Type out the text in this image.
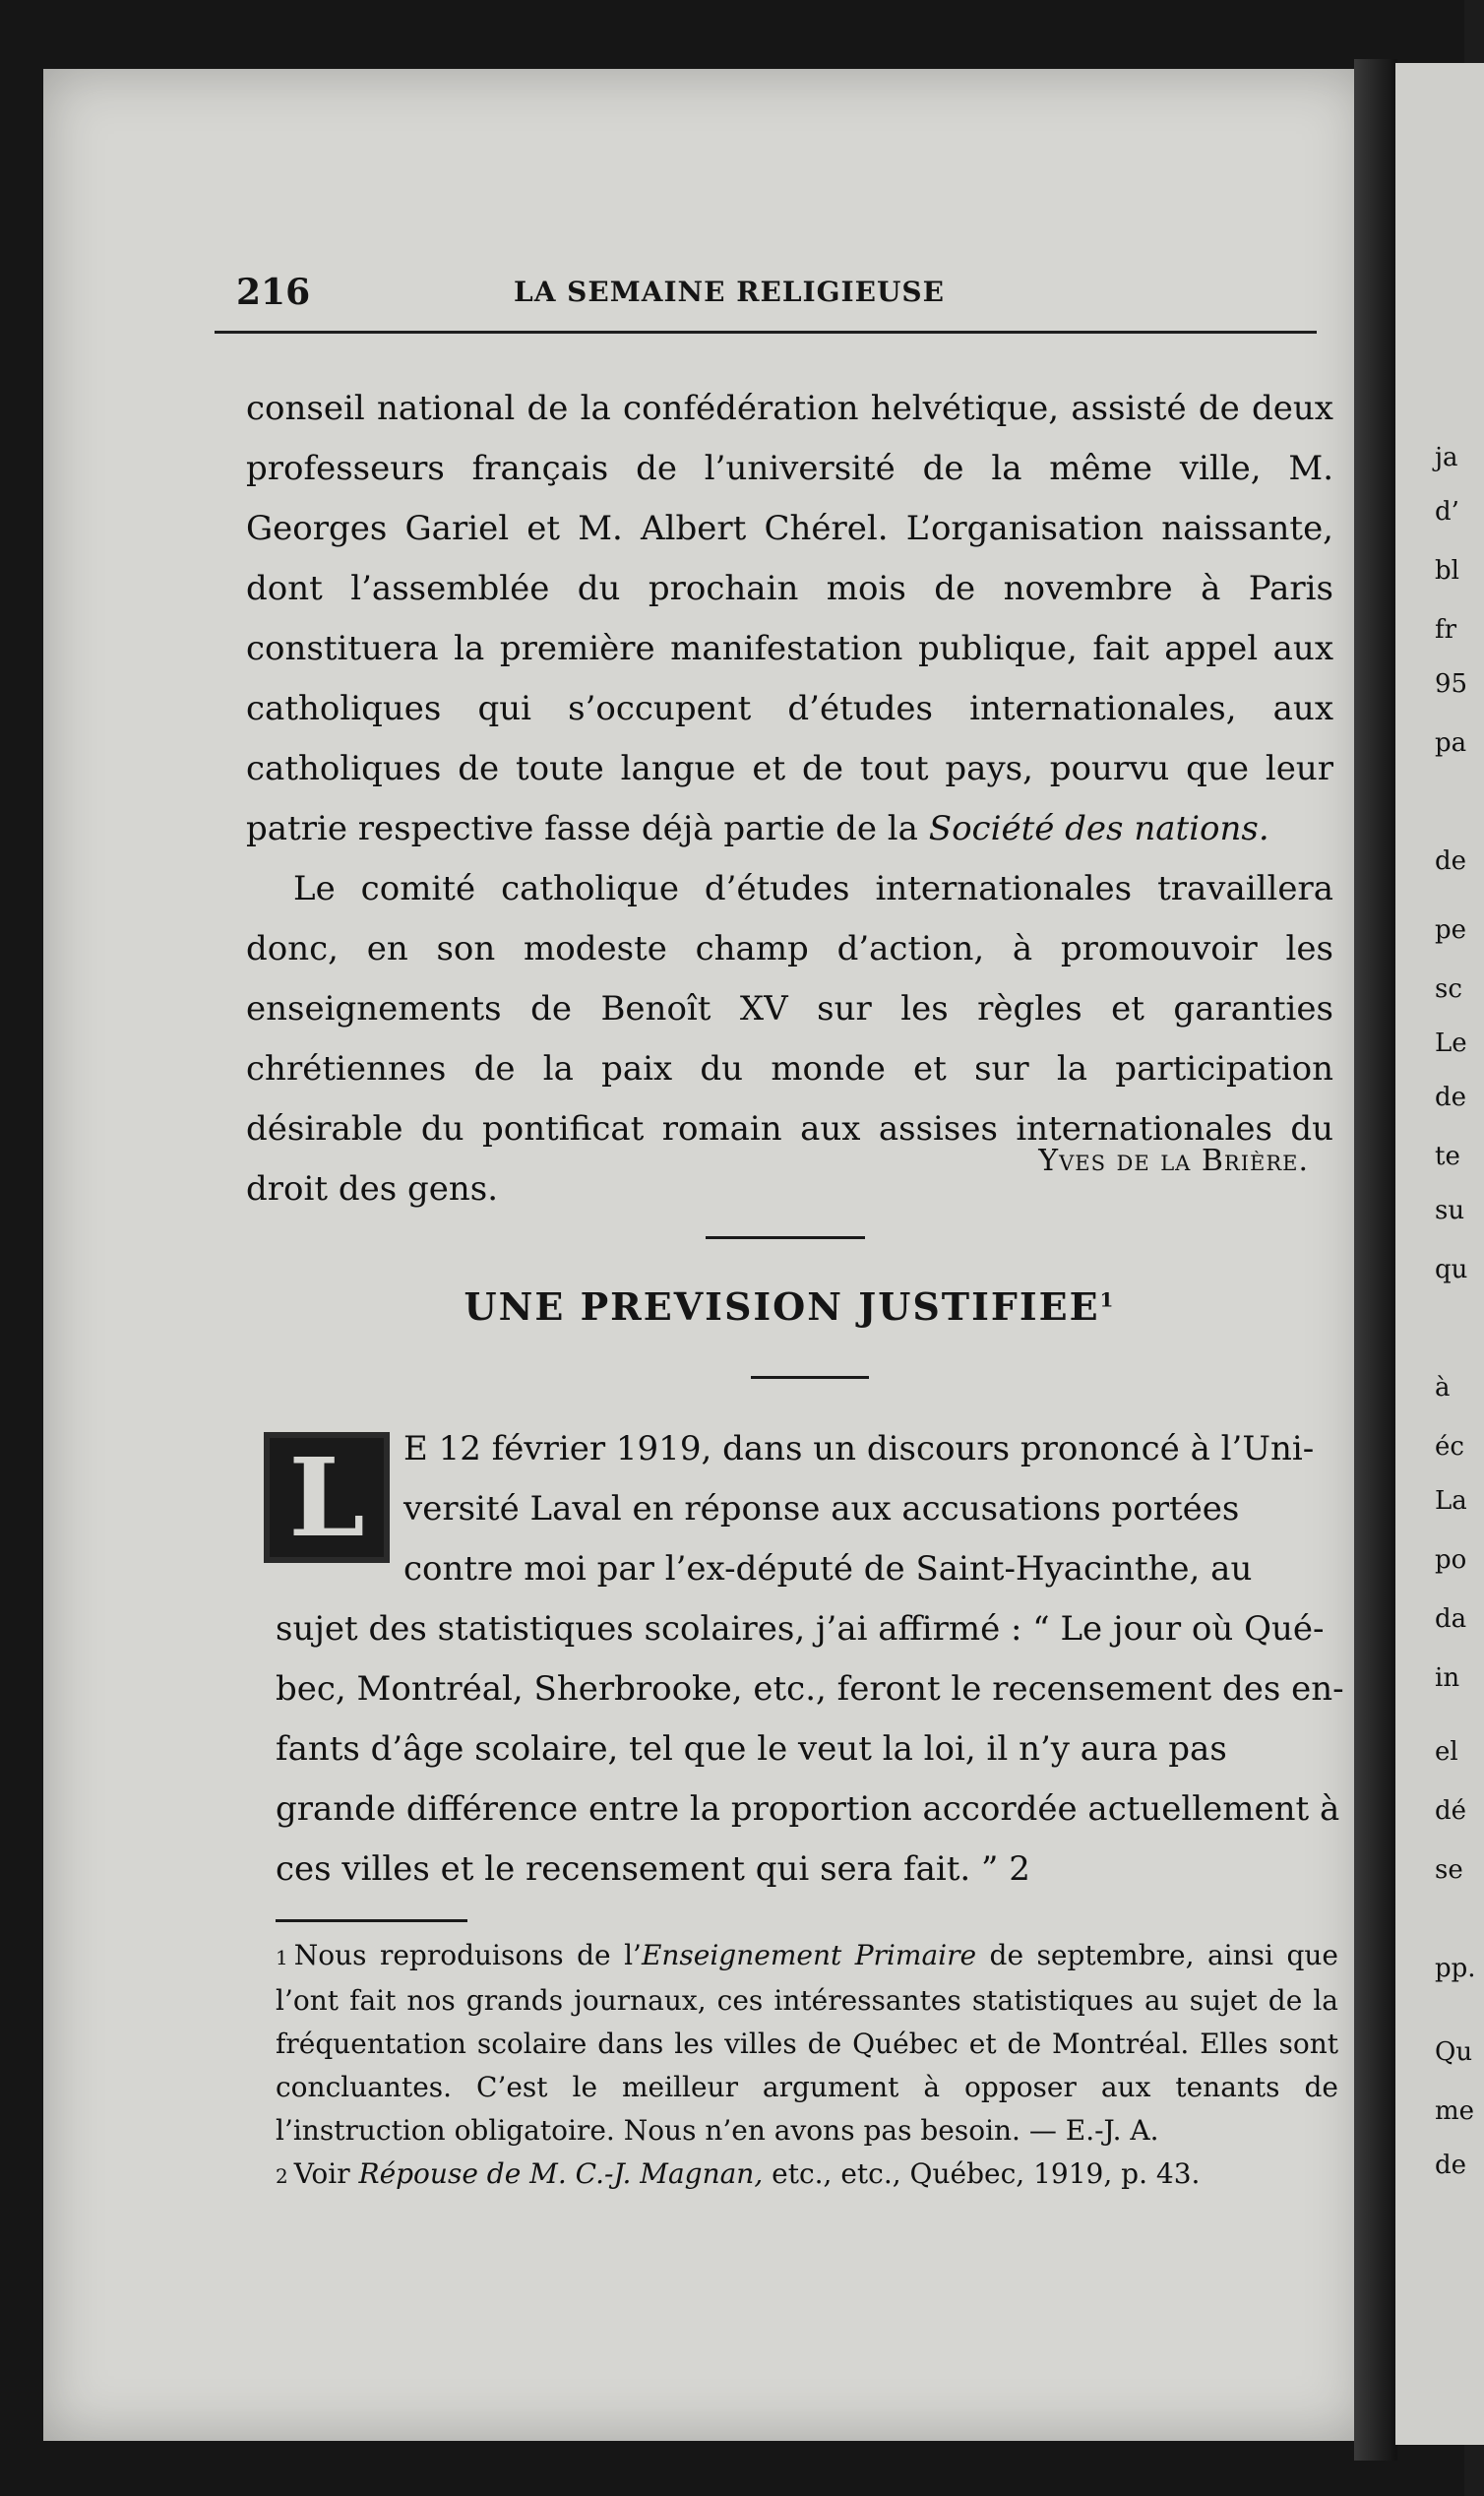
ja
d’
bl
fr
95
pa
de
pe
sc
Le
de
te
su
qu
à
éc
La
po
da
in
el
dé
se
pp.
Qu
me
de
216	LA SEMAINE RELIGIEUSE

conseil national de la confédération helvétique, assisté de deux professeurs français de l’université de la même ville, M. Georges Gariel et M. Albert Chérel. L’organisation naissante, dont l’assemblée du prochain mois de novembre à Paris constituera la première manifestation publique, fait appel aux catholiques qui s’occupent d’études internationales, aux catholiques de toute langue et de tout pays, pourvu que leur patrie respective fasse déjà partie de la Société des nations.

Le comité catholique d’études internationales travaillera donc, en son modeste champ d’action, à promouvoir les enseignements de Benoît XV sur les règles et garanties chrétiennes de la paix du monde et sur la participation désirable du pontificat romain aux assises internationales du droit des gens.

Yves de la Brière.
UNE PREVISION JUSTIFIEE$^1$
L	E 12 février 1919, dans un discours prononcé à l’Uni-
versité Laval en réponse aux accusations portées
contre moi par l’ex-député de Saint-Hyacinthe, au
sujet des statistiques scolaires, j’ai affirmé : “ Le jour où Qué-
bec, Montréal, Sherbrooke, etc., feront le recensement des en-
fants d’âge scolaire, tel que le veut la loi, il n’y aura pas
grande différence entre la proportion accordée actuellement à
ces villes et le recensement qui sera fait. ” 2

1 Nous reproduisons de l’Enseignement Primaire de septembre, ainsi que l’ont fait nos grands journaux, ces intéressantes statistiques au sujet de la fréquentation scolaire dans les villes de Québec et de Montréal. Elles sont concluantes. C’est le meilleur argument à opposer aux tenants de l’instruction obligatoire. Nous n’en avons pas besoin. — E.-J. A.

2 Voir Répouse de M. C.-J. Magnan, etc., etc., Québec, 1919, p. 43.
